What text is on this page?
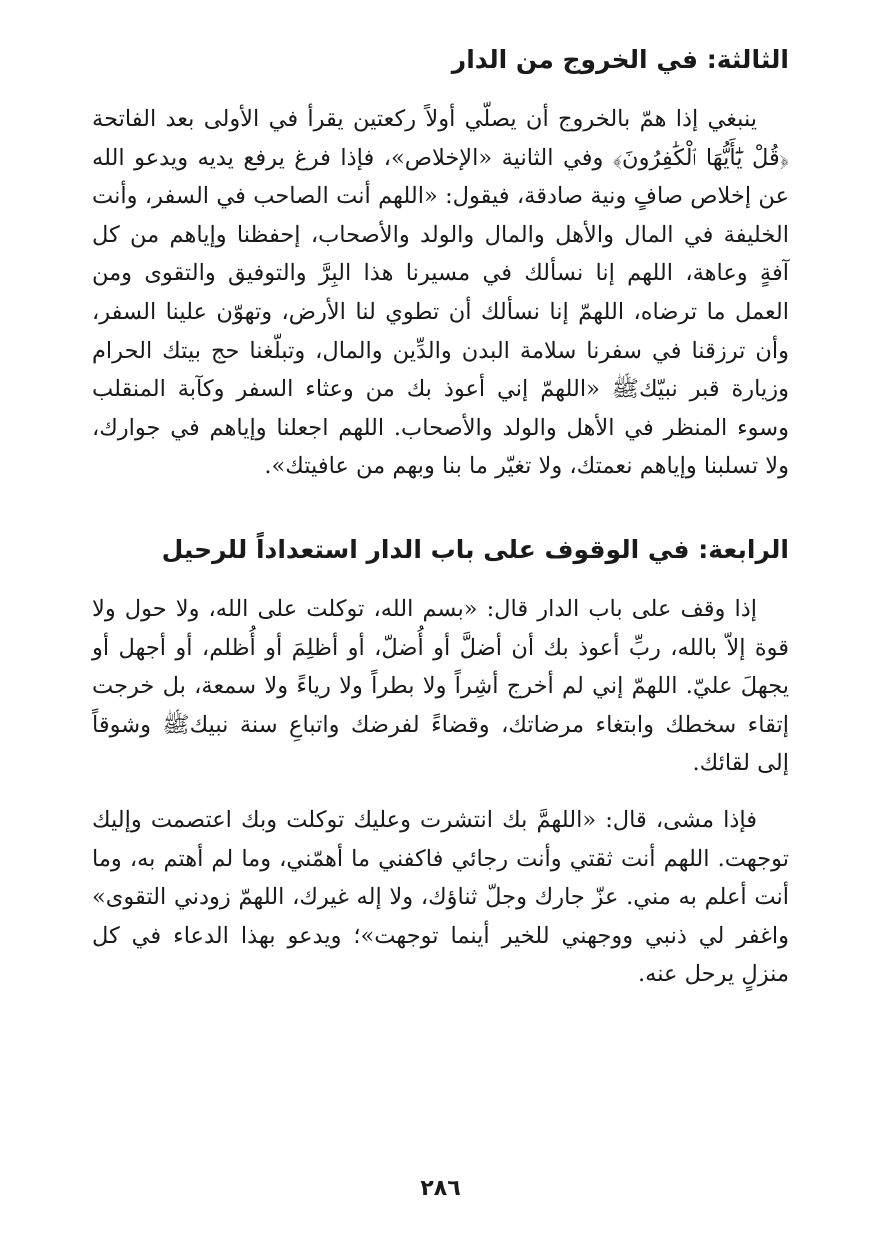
الثالثة: في الخروج من الدار

ينبغي إذا همّ بالخروج أن يصلّي أولاً ركعتين يقرأ في الأولى بعد الفاتحة ﴿قُلْ يَٰٓأَيُّهَا ٱلْكَٰفِرُونَ﴾ وفي الثانية «الإخلاص»، فإذا فرغ يرفع يديه ويدعو الله عن إخلاص صافٍ ونية صادقة، فيقول: «اللهم أنت الصاحب في السفر، وأنت الخليفة في المال والأهل والمال والولد والأصحاب، إحفظنا وإياهم من كل آفةٍ وعاهة، اللهم إنا نسألك في مسيرنا هذا البِرَّ والتوفيق والتقوى ومن العمل ما ترضاه، اللهمّ إنا نسألك أن تطوي لنا الأرض، وتهوّن علينا السفر، وأن ترزقنا في سفرنا سلامة البدن والدِّين والمال، وتبلّغنا حج بيتك الحرام وزيارة قبر نبيّكﷺ «اللهمّ إني أعوذ بك من وعثاء السفر وكآبة المنقلب وسوء المنظر في الأهل والولد والأصحاب. اللهم اجعلنا وإياهم في جوارك، ولا تسلبنا وإياهم نعمتك، ولا تغيّر ما بنا وبهم من عافيتك».

الرابعة: في الوقوف على باب الدار استعداداً للرحيل

إذا وقف على باب الدار قال: «بسم الله، توكلت على الله، ولا حول ولا قوة إلاّ بالله، ربِّ أعوذ بك أن أضلَّ أو أُضلّ، أو أظلِمَ أو أُظلم، أو أجهل أو يجهلَ عليّ. اللهمّ إني لم أخرج أشِراً ولا بطراً ولا رياءً ولا سمعة، بل خرجت إتقاء سخطك وابتغاء مرضاتك، وقضاءً لفرضك واتباعِ سنة نبيكﷺ وشوقاً إلى لقائك.

فإذا مشى، قال: «اللهمَّ بك انتشرت وعليك توكلت وبك اعتصمت وإليك توجهت. اللهم أنت ثقتي وأنت رجائي فاكفني ما أهمّني، وما لم أهتم به، وما أنت أعلم به مني. عزّ جارك وجلّ ثناؤك، ولا إله غيرك، اللهمّ زودني التقوى» واغفر لي ذنبي ووجهني للخير أينما توجهت»؛ ويدعو بهذا الدعاء في كل منزلٍ يرحل عنه.

٢٨٦
